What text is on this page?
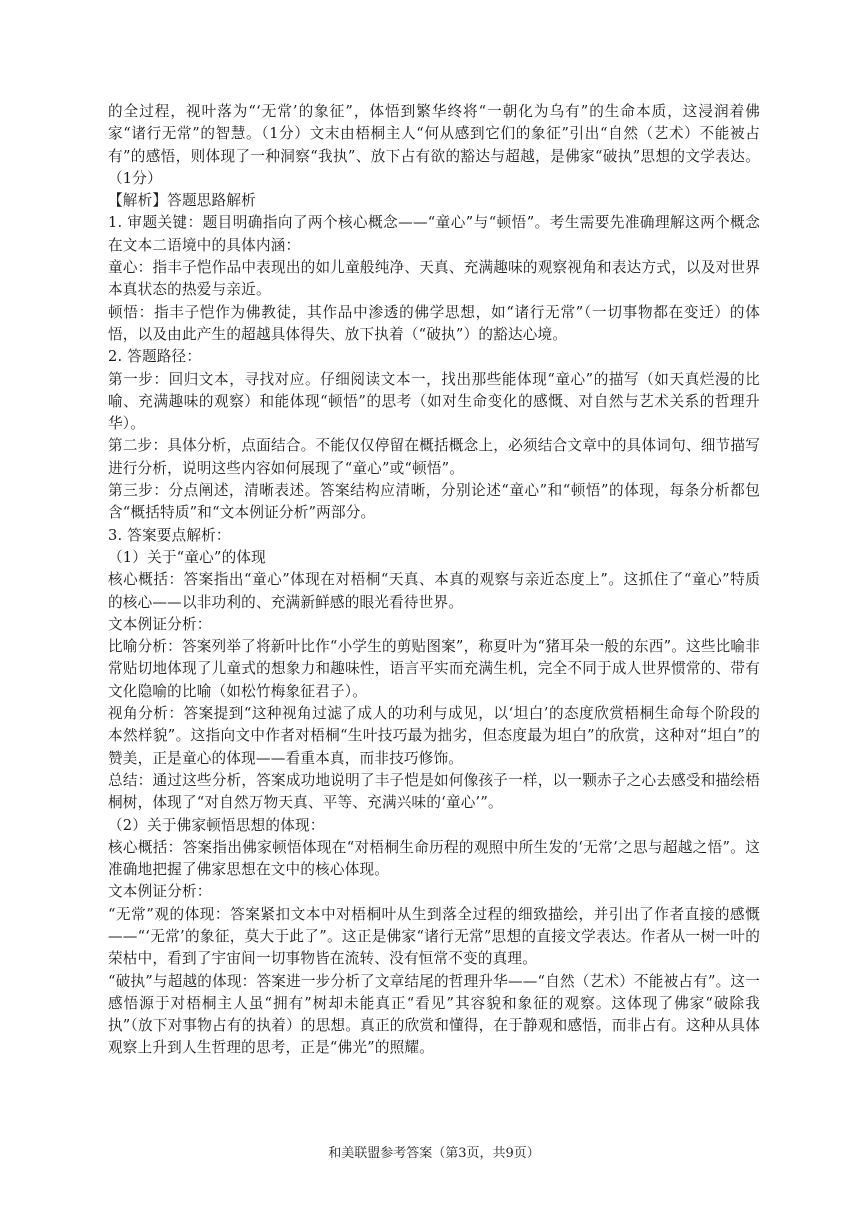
的全过程，视叶落为“‘无常’的象征”，体悟到繁华终将“一朝化为乌有”的生命本质，这浸润着佛家“诸行无常”的智慧。（1分）文末由梧桐主人“何从感到它们的象征”引出“自然（艺术）不能被占有”的感悟，则体现了一种洞察“我执”、放下占有欲的豁达与超越，是佛家“破执”思想的文学表达。（1分）

【解析】答题思路解析

1. 审题关键：题目明确指向了两个核心概念——“童心”与“顿悟”。考生需要先准确理解这两个概念在文本二语境中的具体内涵：

童心：指丰子恺作品中表现出的如儿童般纯净、天真、充满趣味的观察视角和表达方式，以及对世界本真状态的热爱与亲近。

顿悟：指丰子恺作为佛教徒，其作品中渗透的佛学思想，如“诸行无常”（一切事物都在变迁）的体悟，以及由此产生的超越具体得失、放下执着（“破执”）的豁达心境。

2. 答题路径：

第一步：回归文本，寻找对应。仔细阅读文本一，找出那些能体现“童心”的描写（如天真烂漫的比喻、充满趣味的观察）和能体现“顿悟”的思考（如对生命变化的感慨、对自然与艺术关系的哲理升华）。

第二步：具体分析，点面结合。不能仅仅停留在概括概念上，必须结合文章中的具体词句、细节描写进行分析，说明这些内容如何展现了“童心”或“顿悟”。

第三步：分点阐述，清晰表述。答案结构应清晰，分别论述“童心”和“顿悟”的体现，每条分析都包含“概括特质”和“文本例证分析”两部分。

3. 答案要点解析：

（1）关于“童心”的体现

核心概括：答案指出“童心”体现在对梧桐“天真、本真的观察与亲近态度上”。这抓住了“童心”特质的核心——以非功利的、充满新鲜感的眼光看待世界。

文本例证分析：

比喻分析：答案列举了将新叶比作“小学生的剪贴图案”，称夏叶为“猪耳朵一般的东西”。这些比喻非常贴切地体现了儿童式的想象力和趣味性，语言平实而充满生机，完全不同于成人世界惯常的、带有文化隐喻的比喻（如松竹梅象征君子）。

视角分析：答案提到“这种视角过滤了成人的功利与成见，以‘坦白’的态度欣赏梧桐生命每个阶段的本然样貌”。这指向文中作者对梧桐“生叶技巧最为拙劣，但态度最为坦白”的欣赏，这种对“坦白”的赞美，正是童心的体现——看重本真，而非技巧修饰。

总结：通过这些分析，答案成功地说明了丰子恺是如何像孩子一样，以一颗赤子之心去感受和描绘梧桐树，体现了“对自然万物天真、平等、充满兴味的‘童心’”。

（2）关于佛家顿悟思想的体现：

核心概括：答案指出佛家顿悟体现在“对梧桐生命历程的观照中所生发的‘无常’之思与超越之悟”。这准确地把握了佛家思想在文中的核心体现。

文本例证分析：

“无常”观的体现：答案紧扣文本中对梧桐叶从生到落全过程的细致描绘，并引出了作者直接的感慨——“‘无常’的象征，莫大于此了”。这正是佛家“诸行无常”思想的直接文学表达。作者从一树一叶的荣枯中，看到了宇宙间一切事物皆在流转、没有恒常不变的真理。

“破执”与超越的体现：答案进一步分析了文章结尾的哲理升华——“自然（艺术）不能被占有”。这一感悟源于对梧桐主人虽“拥有”树却未能真正“看见”其容貌和象征的观察。这体现了佛家“破除我执”（放下对事物占有的执着）的思想。真正的欣赏和懂得，在于静观和感悟，而非占有。这种从具体观察上升到人生哲理的思考，正是“佛光”的照耀。

和美联盟参考答案（第3页，共9页）
